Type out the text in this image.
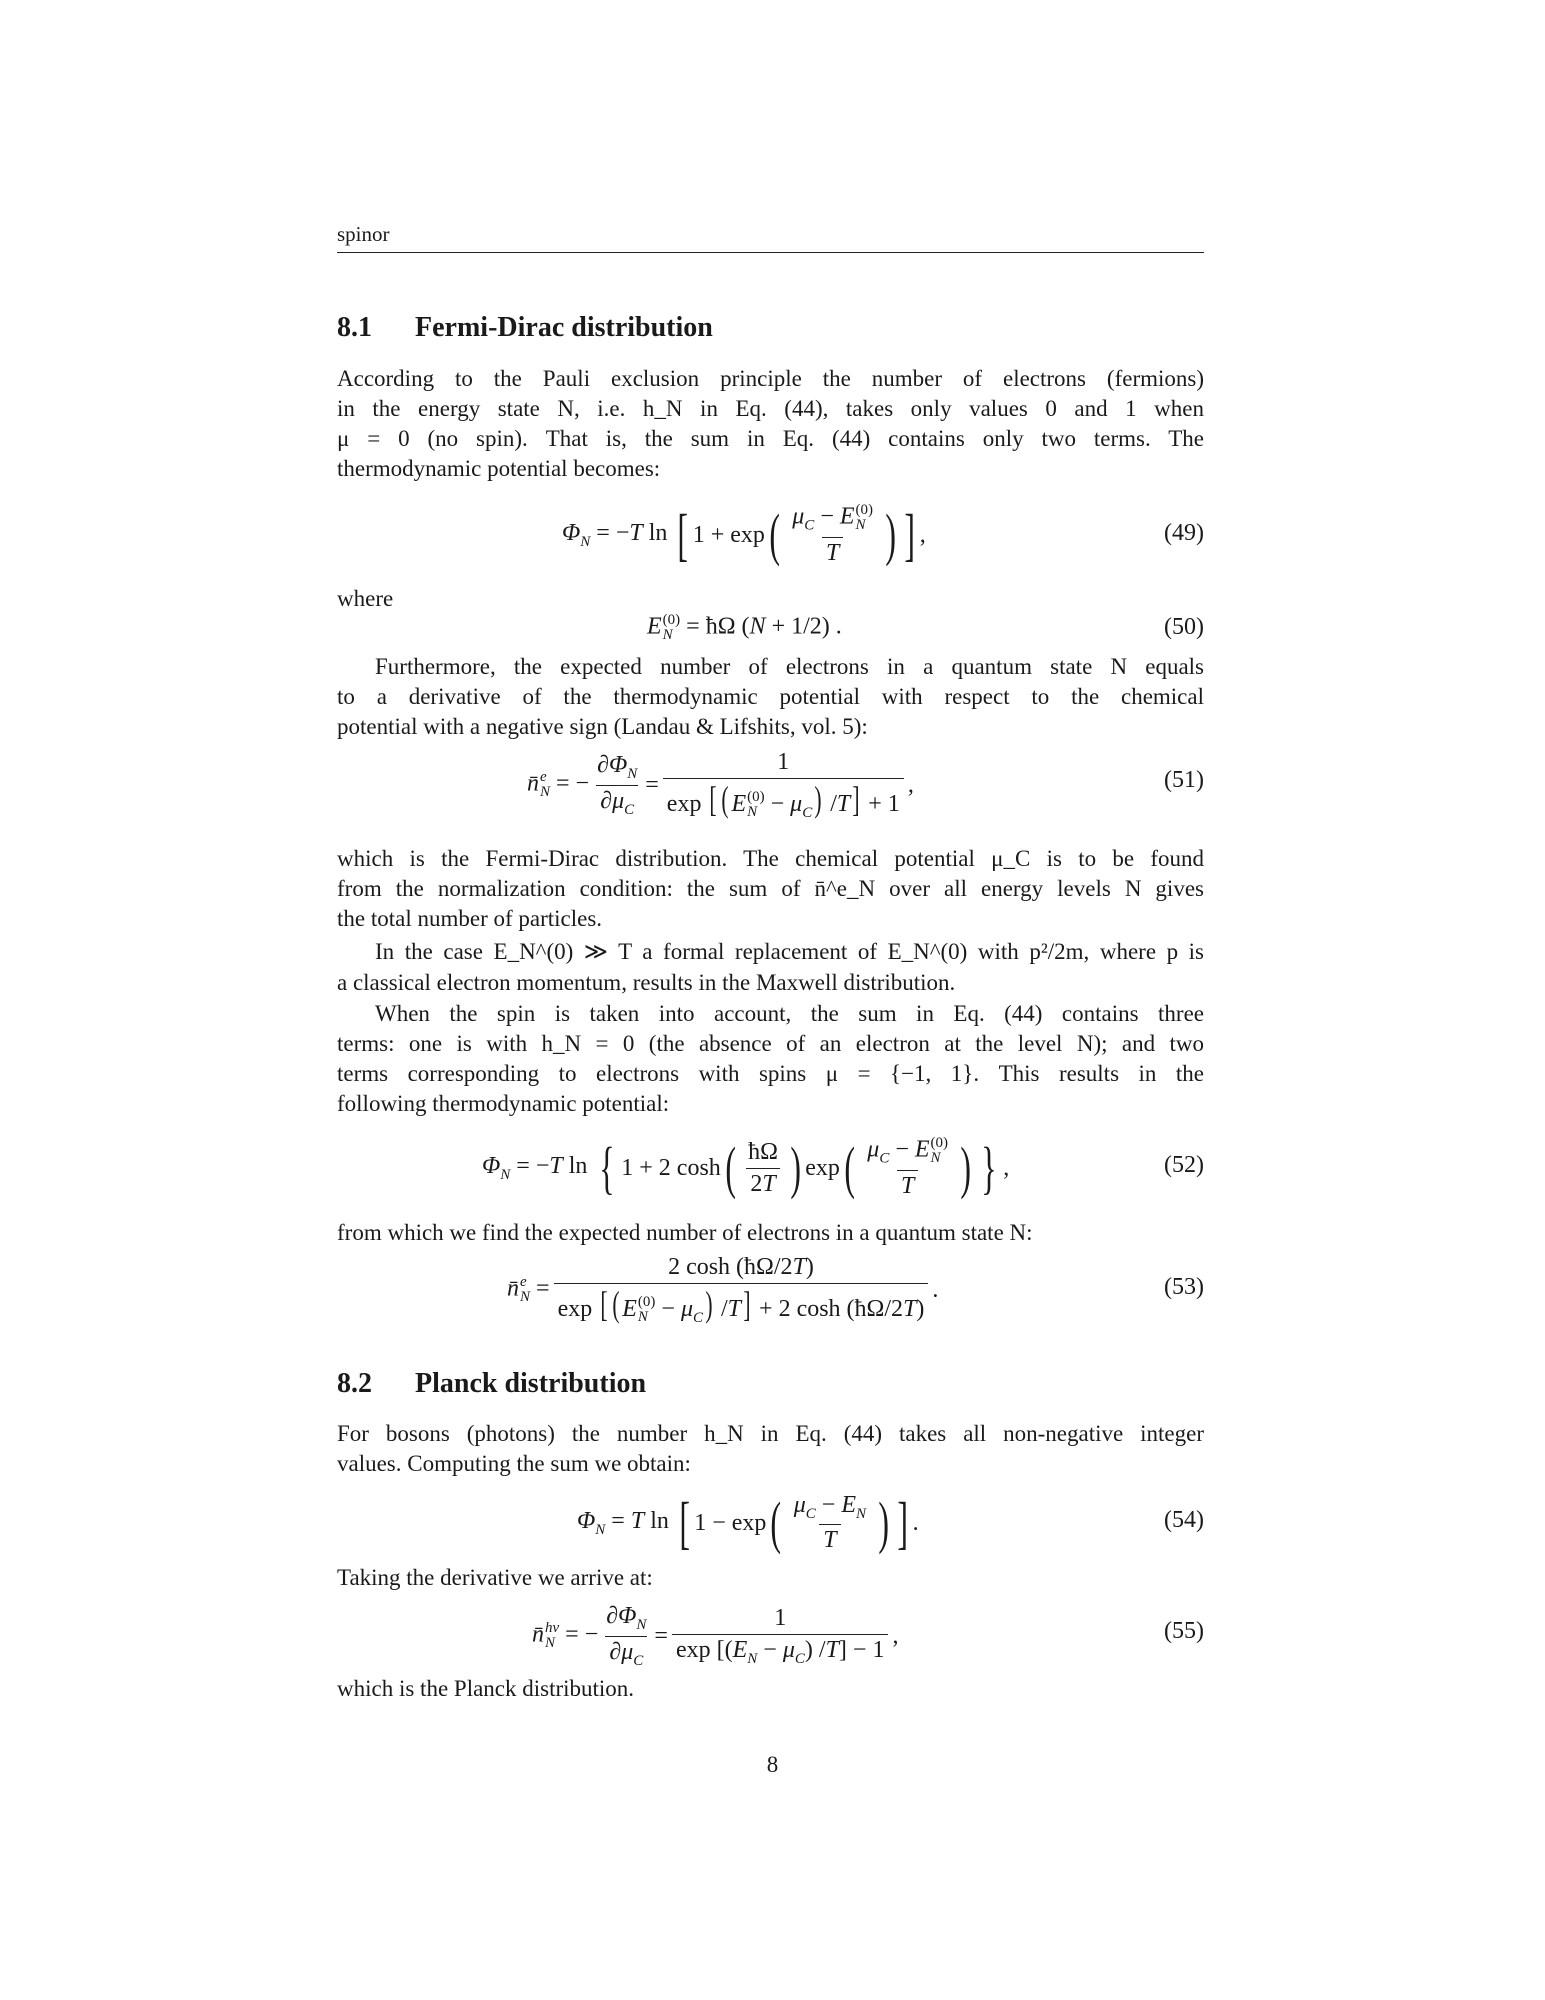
spinor
8.1 Fermi-Dirac distribution
According to the Pauli exclusion principle the number of electrons (fermions)
in the energy state N, i.e. h_N in Eq. (44), takes only values 0 and 1 when
μ = 0 (no spin). That is, the sum in Eq. (44) contains only two terms. The
thermodynamic potential becomes:
$\Phi_N = -T$ ln [ 1 + exp ( $\mu_C - E$ (0)
N
T ) ] ,	(49)
where
E (0)
N = ħΩ (N + 1/2) .	(50)
Furthermore, the expected number of electrons in a quantum state N equals
to a derivative of the thermodynamic potential with respect to the chemical
potential with a negative sign (Landau & Lifshits, vol. 5):
n̄ e
N = − $\frac{\partial\Phi_N}{\partial\mu_C} = 1$
exp [ ( E (0)
$N - \mu_C$) /T] + 1 ,	(51)
which is the Fermi-Dirac distribution. The chemical potential μ_C is to be found
from the normalization condition: the sum of n̄^e_N over all energy levels N gives
the total number of particles.
In the case E_N^(0) ≫ T a formal replacement of E_N^(0) with p²/2m, where p is
a classical electron momentum, results in the Maxwell distribution.
When the spin is taken into account, the sum in Eq. (44) contains three
terms: one is with h_N = 0 (the absence of an electron at the level N); and two
terms corresponding to electrons with spins μ = {−1, 1}. This results in the
following thermodynamic potential:
$\Phi_N = -T$ ln { 1 + 2 cosh ( $\frac{ħ\Omega}{2T}$ ) exp ( $\mu_C - E$ (0)
N
T ) } ,	(52)
from which we find the expected number of electrons in a quantum state N:
n̄ e
N = 2 cosh (ħΩ/2T)
exp [ ( E (0)
$N - \mu_C$) /T] + 2 cosh (ħΩ/2T) .	(53)
8.2 Planck distribution
For bosons (photons) the number h_N in Eq. (44) takes all non-negative integer
values. Computing the sum we obtain:
$\Phi_N = T$ ln [ 1 − exp ( $\frac{\mu_C - E_N}{T}$ ) ] .	(54)
Taking the derivative we arrive at:
n̄ hν
N = − $\frac{\partial\Phi_N}{\partial\mu_C} = \frac{1}{\exp [(E_N - \mu_C) /T] - 1}$ ,	(55)
which is the Planck distribution.
8
